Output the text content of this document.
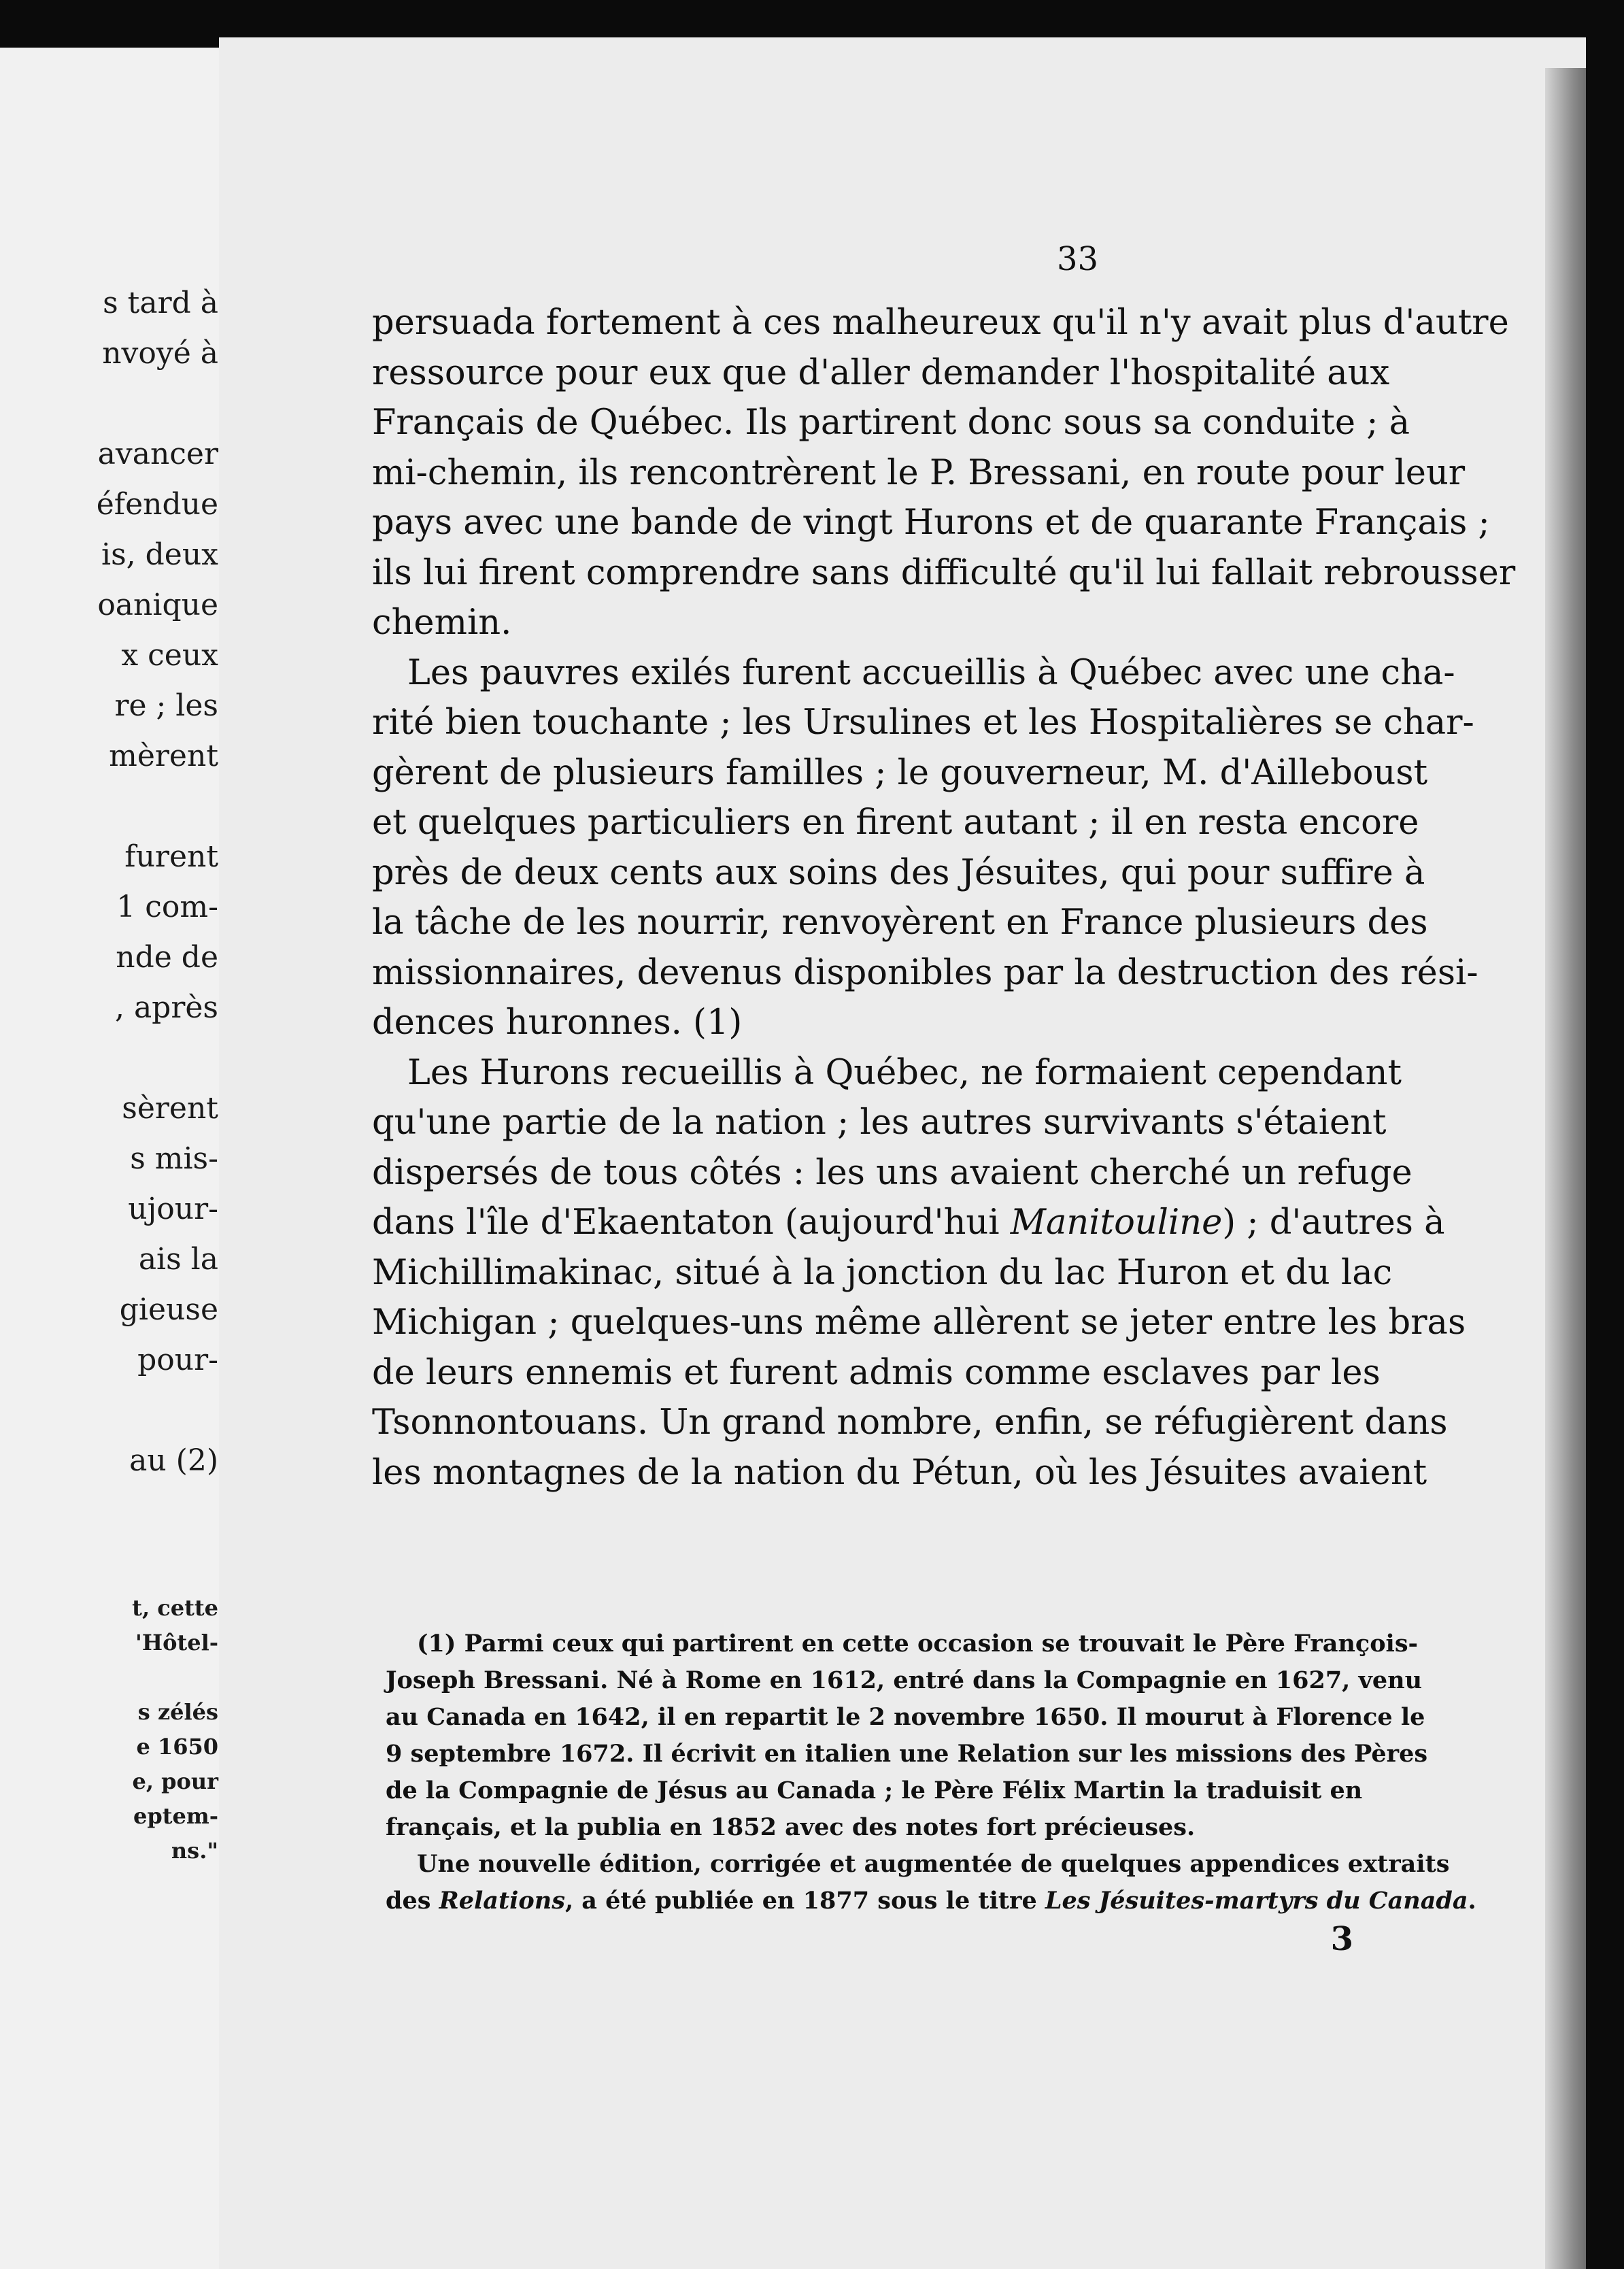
s tard à
nvoyé à
avancer
éfendue
is, deux
oanique
x ceux
re ; les
mèrent
furent
1 com-
nde de
, après
sèrent
s mis-
ujour-
ais la
gieuse
pour-
au (2)
t, cette
'Hôtel-
s zélés
e 1650
e, pour
eptem-
ns."
33
persuada fortement à ces malheureux qu'il n'y avait plus d'autre
ressource pour eux que d'aller demander l'hospitalité aux
Français de Québec. Ils partirent donc sous sa conduite ; à
mi-chemin, ils rencontrèrent le P. Bressani, en route pour leur
pays avec une bande de vingt Hurons et de quarante Français ;
ils lui firent comprendre sans difficulté qu'il lui fallait rebrousser
chemin.
Les pauvres exilés furent accueillis à Québec avec une cha-
rité bien touchante ; les Ursulines et les Hospitalières se char-
gèrent de plusieurs familles ; le gouverneur, M. d'Ailleboust
et quelques particuliers en firent autant ; il en resta encore
près de deux cents aux soins des Jésuites, qui pour suffire à
la tâche de les nourrir, renvoyèrent en France plusieurs des
missionnaires, devenus disponibles par la destruction des rési-
dences huronnes. (1)
Les Hurons recueillis à Québec, ne formaient cependant
qu'une partie de la nation ; les autres survivants s'étaient
dispersés de tous côtés : les uns avaient cherché un refuge
dans l'île d'Ekaentaton (aujourd'hui Manitouline) ; d'autres à
Michillimakinac, situé à la jonction du lac Huron et du lac
Michigan ; quelques-uns même allèrent se jeter entre les bras
de leurs ennemis et furent admis comme esclaves par les
Tsonnontouans. Un grand nombre, enfin, se réfugièrent dans
les montagnes de la nation du Pétun, où les Jésuites avaient
(1) Parmi ceux qui partirent en cette occasion se trouvait le Père François-
Joseph Bressani. Né à Rome en 1612, entré dans la Compagnie en 1627, venu
au Canada en 1642, il en repartit le 2 novembre 1650. Il mourut à Florence le
9 septembre 1672. Il écrivit en italien une Relation sur les missions des Pères
de la Compagnie de Jésus au Canada ; le Père Félix Martin la traduisit en
français, et la publia en 1852 avec des notes fort précieuses.
Une nouvelle édition, corrigée et augmentée de quelques appendices extraits
des Relations, a été publiée en 1877 sous le titre Les Jésuites-martyrs du Canada.
3
